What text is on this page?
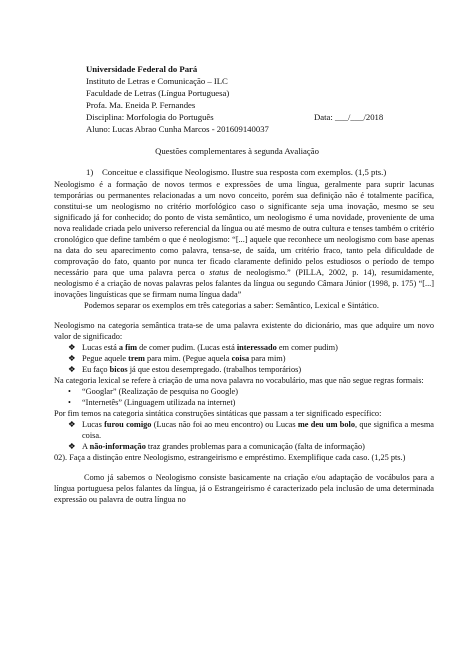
Universidade Federal do Pará
Instituto de Letras e Comunicação – ILC
Faculdade de Letras (Língua Portuguesa)
Profa. Ma. Eneida P. Fernandes
Disciplina: Morfologia do Português	Data: ___/___/2018
Aluno: Lucas Abrao Cunha Marcos - 201609140037
Questões complementares à segunda Avaliação
1)	Conceitue e classifique Neologismo. Ilustre sua resposta com exemplos. (1,5 pts.)

Neologismo é a formação de novos termos e expressões de uma língua, geralmente para suprir lacunas temporárias ou permanentes relacionadas a um novo conceito, porém sua definição não é totalmente pacífica, constitui-se um neologismo no critério morfológico caso o significante seja uma inovação, mesmo se seu significado já for conhecido; do ponto de vista semântico, um neologismo é uma novidade, proveniente de uma nova realidade criada pelo universo referencial da língua ou até mesmo de outra cultura e tenses também o critério cronológico que define também o que é neologismo: “[...] aquele que reconhece um neologismo com base apenas na data do seu aparecimento como palavra, tensa-se, de saída, um critério fraco, tanto pela dificuldade de comprovação do fato, quanto por nunca ter ficado claramente definido pelos estudiosos o período de tempo necessário para que uma palavra perca o status de neologismo.” (PILLA, 2002, p. 14), resumidamente, neologismo é a criação de novas palavras pelos falantes da língua ou segundo Câmara Júnior (1998, p. 175) “[...] inovações linguísticas que se firmam numa língua dada”

Podemos separar os exemplos em três categorias a saber: Semântico, Lexical e Sintático.

Neologismo na categoria semântica trata-se de uma palavra existente do dicionário, mas que adquire um novo valor de significado:

❖ Lucas está a fim de comer pudim. (Lucas está interessado em comer pudim)
❖ Pegue aquele trem para mim. (Pegue aquela coisa para mim)
❖ Eu faço bicos já que estou desempregado. (trabalhos temporários)

Na categoria lexical se refere à criação de uma nova palavra no vocabulário, mas que não segue regras formais:

• “Googlar” (Realização de pesquisa no Google)
• “Internetês” (Linguagem utilizada na internet)

Por fim temos na categoria sintática construções sintáticas que passam a ter significado específico:

❖ Lucas furou comigo (Lucas não foi ao meu encontro) ou Lucas me deu um bolo, que significa a mesma coisa.
❖ A não-informação traz grandes problemas para a comunicação (falta de informação)

02). Faça a distinção entre Neologismo, estrangeirismo e empréstimo. Exemplifique cada caso. (1,25 pts.)

Como já sabemos o Neologismo consiste basicamente na criação e/ou adaptação de vocábulos para a língua portuguesa pelos falantes da língua, já o Estrangeirismo é caracterizado pela inclusão de uma determinada expressão ou palavra de outra língua no
